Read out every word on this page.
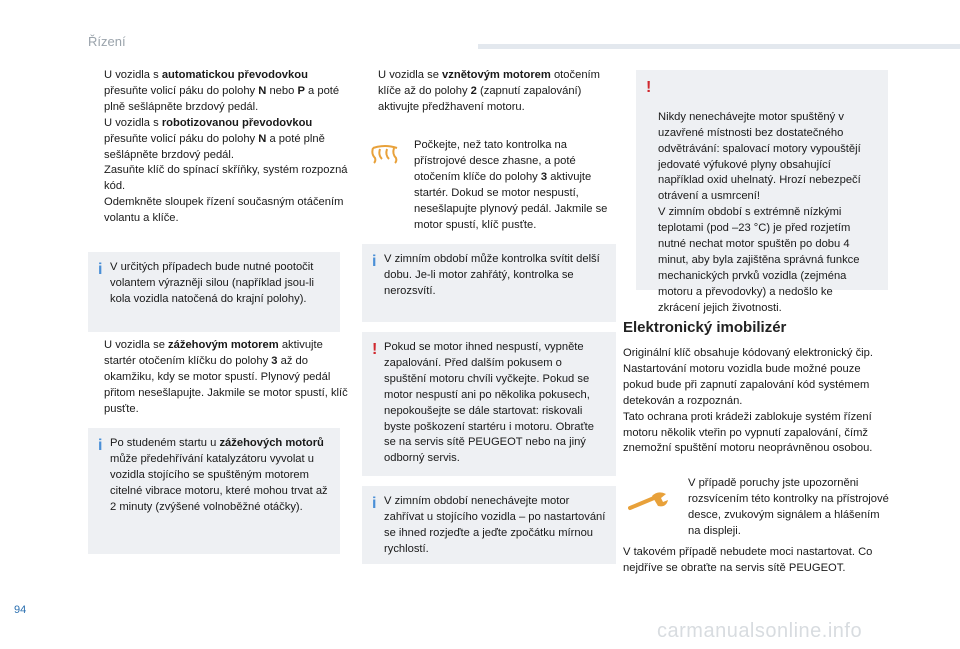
Řízení

U vozidla s automatickou převodovkou přesuňte volicí páku do polohy N nebo P a poté plně sešlápněte brzdový pedál.

U vozidla s robotizovanou převodovkou přesuňte volicí páku do polohy N a poté plně sešlápněte brzdový pedál.

Zasuňte klíč do spínací skříňky, systém rozpozná kód.

Odemkněte sloupek řízení současným otáčením volantu a klíče.

i V určitých případech bude nutné pootočit volantem výrazněji silou (například jsou-li kola vozidla natočená do krajní polohy).

U vozidla se zážehovým motorem aktivujte startér otočením klíčku do polohy 3 až do okamžiku, kdy se motor spustí. Plynový pedál přitom nesešlapujte. Jakmile se motor spustí, klíč pusťte.

i Po studeném startu u zážehových motorů může předehřívání katalyzátoru vyvolat u vozidla stojícího se spuštěným motorem citelné vibrace motoru, které mohou trvat až 2 minuty (zvýšené volnoběžné otáčky).

U vozidla se vznětovým motorem otočením klíče až do polohy 2 (zapnutí zapalování) aktivujte předžhavení motoru.

Počkejte, než tato kontrolka na přístrojové desce zhasne, a poté otočením klíče do polohy 3 aktivujte startér. Dokud se motor nespustí, nesešlapujte plynový pedál. Jakmile se motor spustí, klíč pusťte.
i V zimním období může kontrolka svítit delší dobu. Je-li motor zahřátý, kontrolka se nerozsvítí.
! Pokud se motor ihned nespustí, vypněte zapalování. Před dalším pokusem o spuštění motoru chvíli vyčkejte. Pokud se motor nespustí ani po několika pokusech, nepokoušejte se dále startovat: riskovali byste poškození startéru i motoru. Obraťte se na servis sítě PEUGEOT nebo na jiný odborný servis.
i V zimním období nenechávejte motor zahřívat u stojícího vozidla – po nastartování se ihned rozjeďte a jeďte zpočátku mírnou rychlostí.

!

Nikdy nenechávejte motor spuštěný v uzavřené místnosti bez dostatečného odvětrávání: spalovací motory vypouštějí jedovaté výfukové plyny obsahující například oxid uhelnatý. Hrozí nebezpečí otrávení a usmrcení!
V zimním období s extrémně nízkými teplotami (pod –23 °C) je před rozjetím nutné nechat motor spuštěn po dobu 4 minut, aby byla zajištěna správná funkce mechanických prvků vozidla (zejména motoru a převodovky) a nedošlo ke zkrácení jejich životnosti.

Elektronický imobilizér
Originální klíč obsahuje kódovaný elektronický čip. Nastartování motoru vozidla bude možné pouze pokud bude při zapnutí zapalování kód systémem detekován a rozpoznán.
Tato ochrana proti krádeži zablokuje systém řízení motoru několik vteřin po vypnutí zapalování, čímž znemožní spuštění motoru neoprávněnou osobou.
V případě poruchy jste upozorněni rozsvícením této kontrolky na přístrojové desce, zvukovým signálem a hlášením na displeji.
V takovém případě nebudete moci nastartovat. Co nejdříve se obraťte na servis sítě PEUGEOT.
94
carmanualsonline.info
